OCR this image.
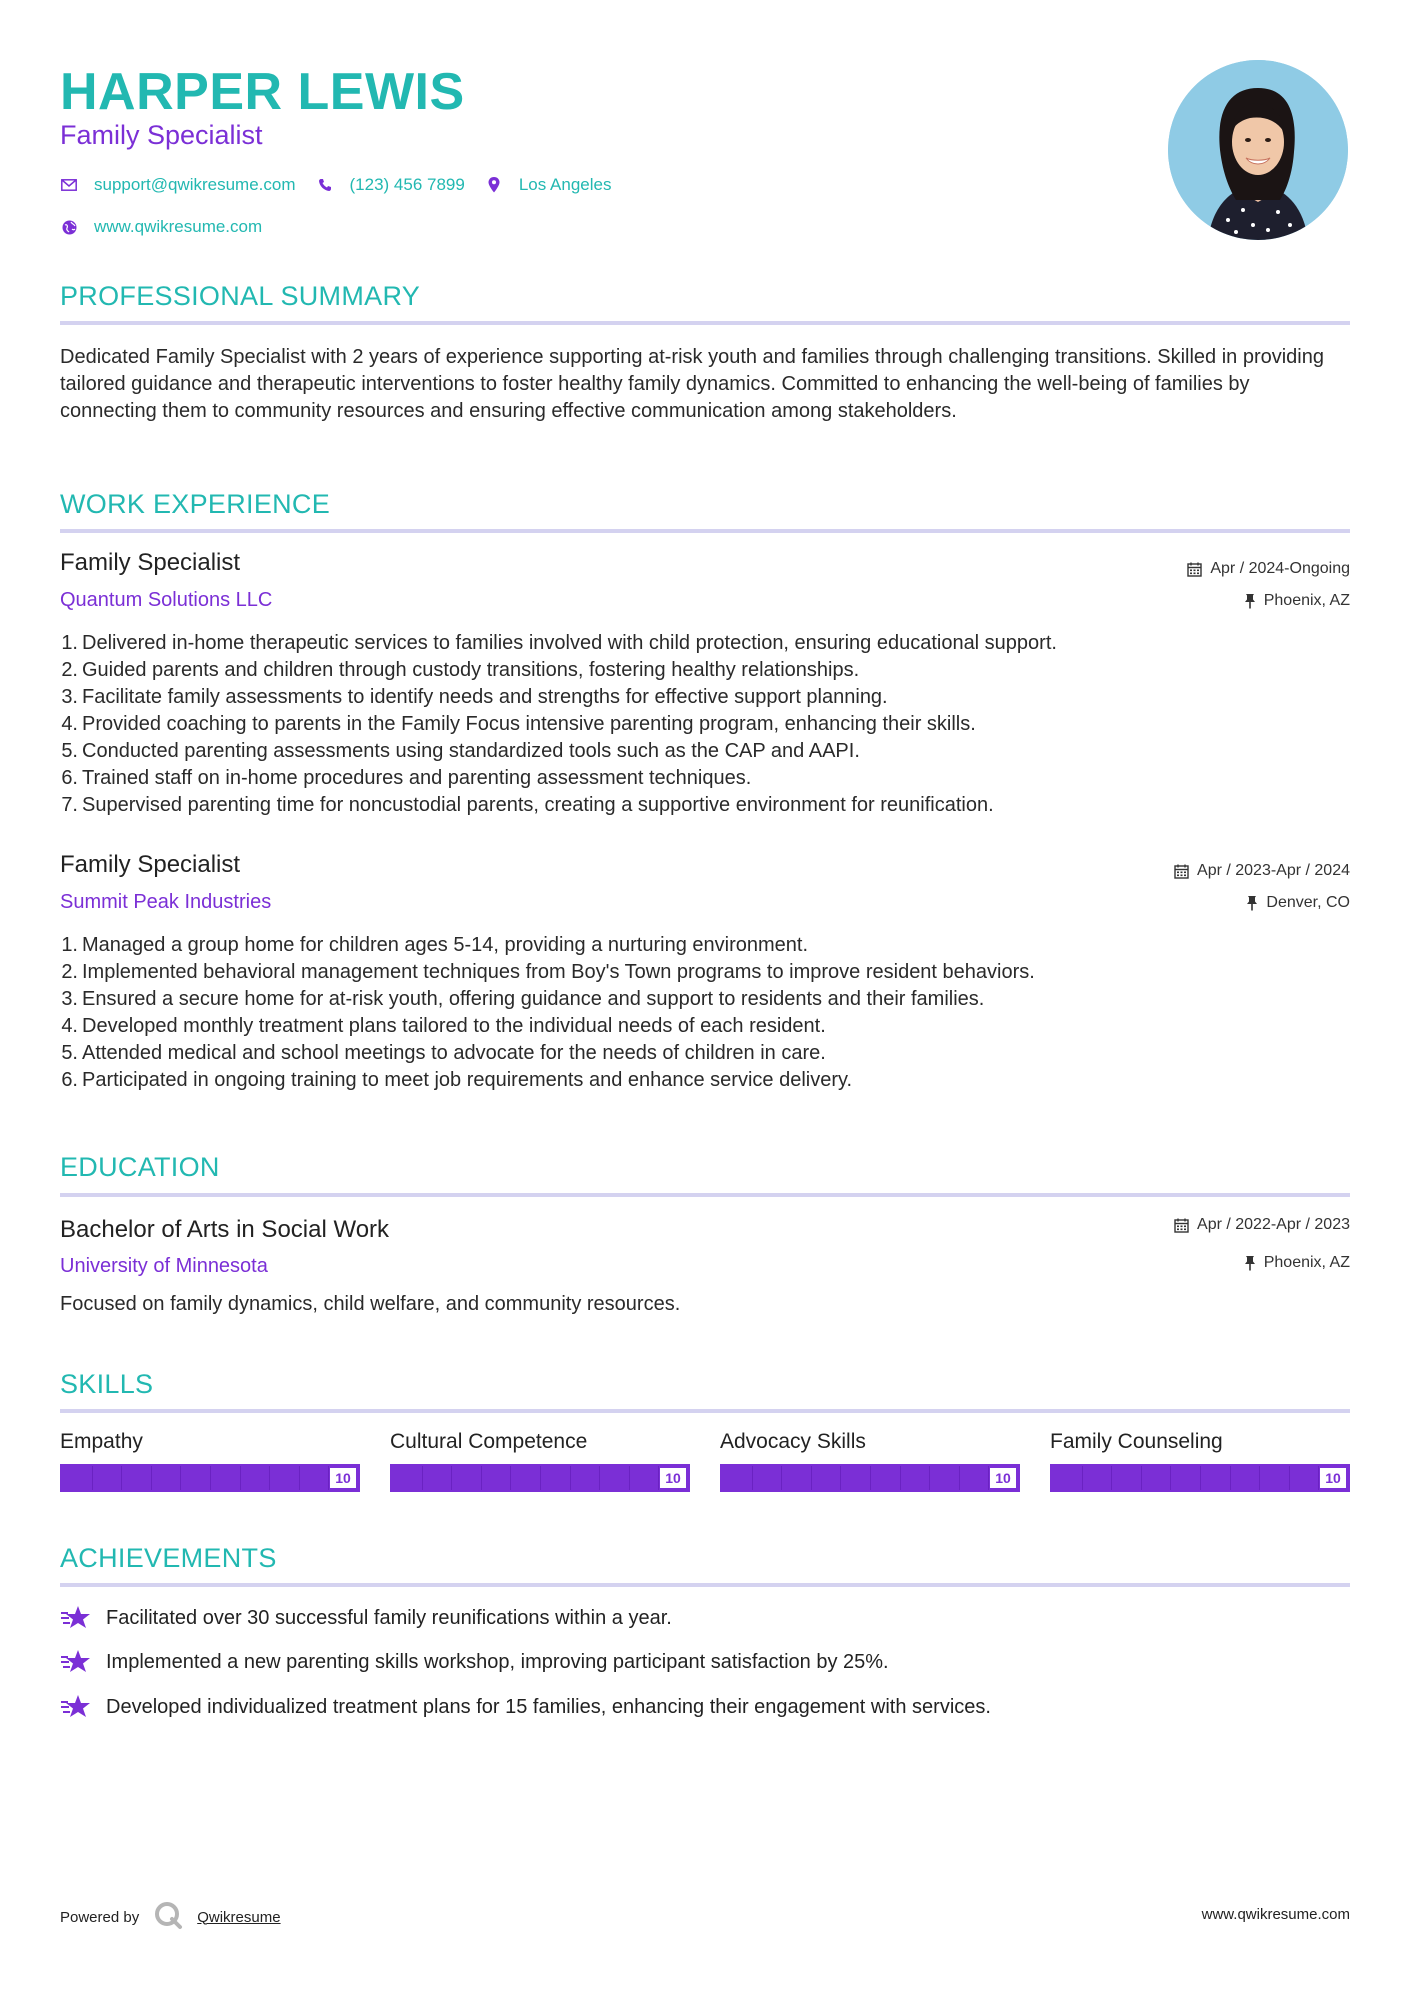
HARPER LEWIS
Family Specialist
support@qwikresume.com	(123) 456 7899	Los Angeles
www.qwikresume.com
PROFESSIONAL SUMMARY
Dedicated Family Specialist with 2 years of experience supporting at-risk youth and families through challenging transitions. Skilled in providing tailored guidance and therapeutic interventions to foster healthy family dynamics. Committed to enhancing the well-being of families by connecting them to community resources and ensuring effective communication among stakeholders.
WORK EXPERIENCE
Family Specialist
Quantum Solutions LLC
Apr / 2024-Ongoing
Phoenix, AZ
1. Delivered in-home therapeutic services to families involved with child protection, ensuring educational support.
2. Guided parents and children through custody transitions, fostering healthy relationships.
3. Facilitate family assessments to identify needs and strengths for effective support planning.
4. Provided coaching to parents in the Family Focus intensive parenting program, enhancing their skills.
5. Conducted parenting assessments using standardized tools such as the CAP and AAPI.
6. Trained staff on in-home procedures and parenting assessment techniques.
7. Supervised parenting time for noncustodial parents, creating a supportive environment for reunification.
Family Specialist
Summit Peak Industries
Apr / 2023-Apr / 2024
Denver, CO
1. Managed a group home for children ages 5-14, providing a nurturing environment.
2. Implemented behavioral management techniques from Boy's Town programs to improve resident behaviors.
3. Ensured a secure home for at-risk youth, offering guidance and support to residents and their families.
4. Developed monthly treatment plans tailored to the individual needs of each resident.
5. Attended medical and school meetings to advocate for the needs of children in care.
6. Participated in ongoing training to meet job requirements and enhance service delivery.
EDUCATION
Bachelor of Arts in Social Work
University of Minnesota
Apr / 2022-Apr / 2023
Phoenix, AZ
Focused on family dynamics, child welfare, and community resources.
SKILLS
Empathy
10
Cultural Competence
10
Advocacy Skills
10
Family Counseling
10
ACHIEVEMENTS
Facilitated over 30 successful family reunifications within a year.
Implemented a new parenting skills workshop, improving participant satisfaction by 25%.
Developed individualized treatment plans for 15 families, enhancing their engagement with services.
Powered by	Qwikresume	www.qwikresume.com
